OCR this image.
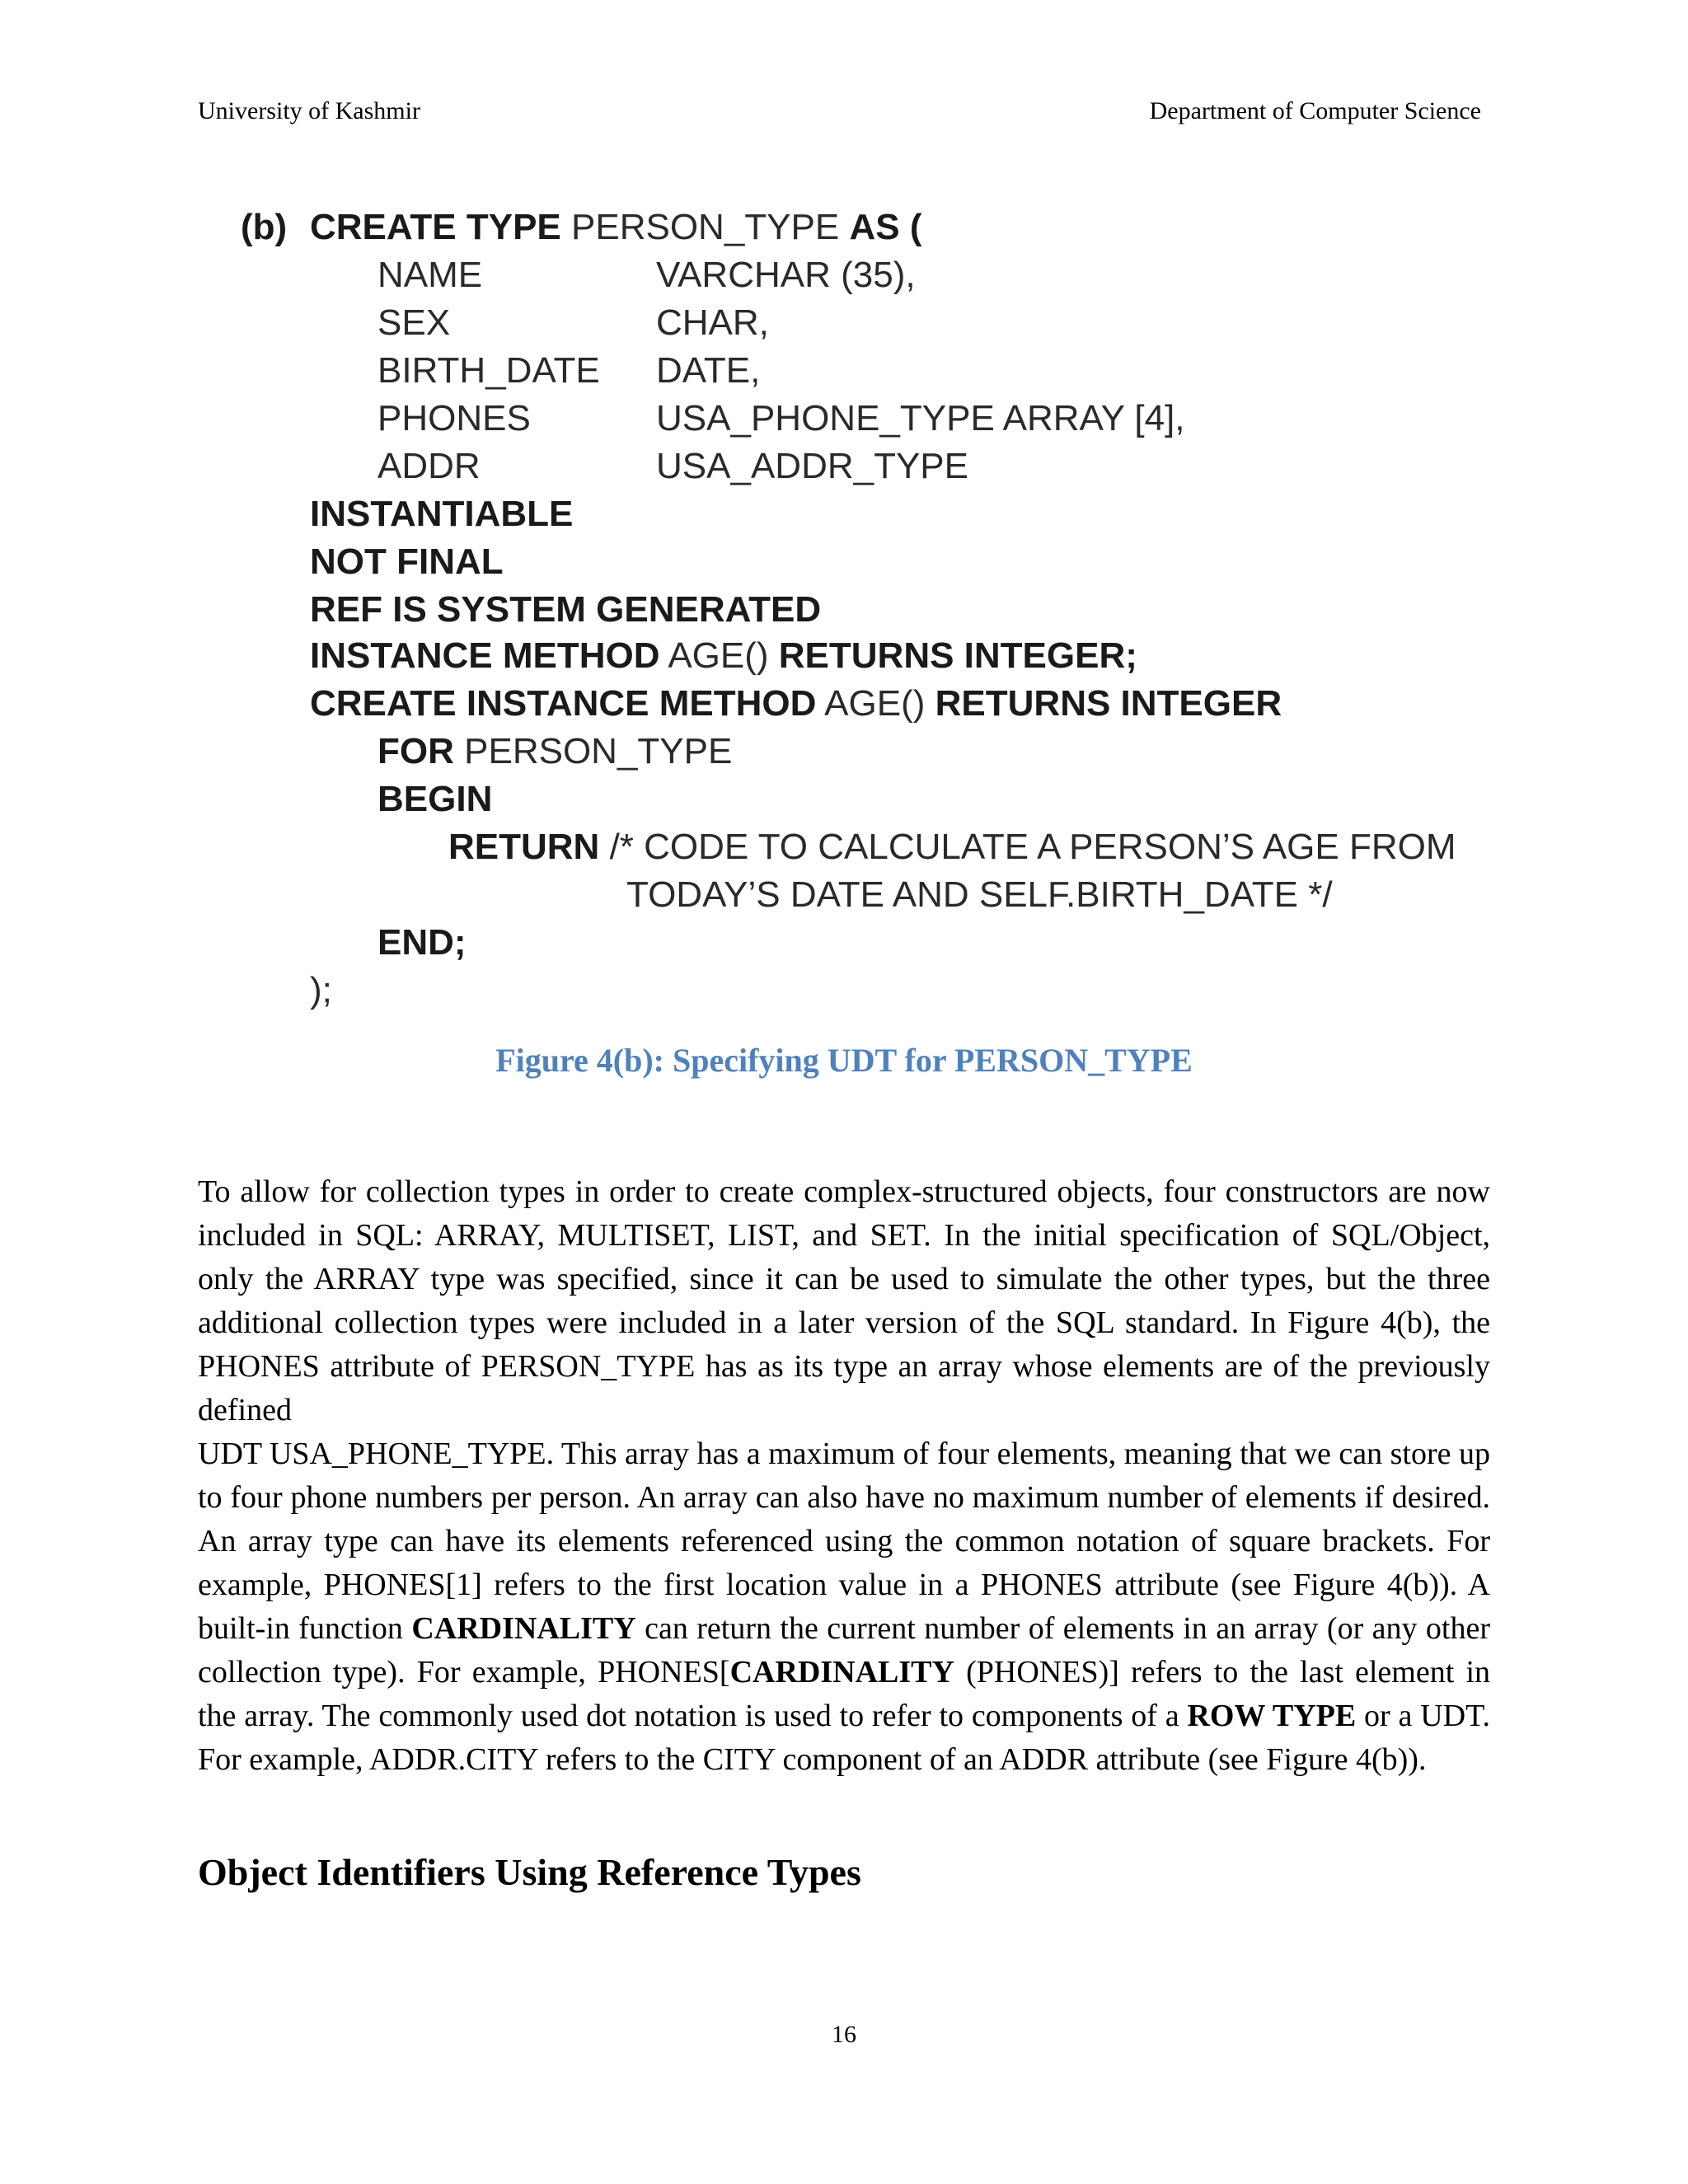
University of Kashmir	Department of Computer Science
(b) CREATE TYPE PERSON_TYPE AS (
NAME	VARCHAR (35),
SEX	CHAR,
BIRTH_DATE DATE,
PHONES	USA_PHONE_TYPE ARRAY [4],
ADDR	USA_ADDR_TYPE
INSTANTIABLE
NOT FINAL
REF IS SYSTEM GENERATED
INSTANCE METHOD AGE() RETURNS INTEGER;
CREATE INSTANCE METHOD AGE() RETURNS INTEGER
FOR PERSON_TYPE
BEGIN
RETURN /* CODE TO CALCULATE A PERSON’S AGE FROM
TODAY’S DATE AND SELF.BIRTH_DATE */
END;
);
Figure 4(b): Specifying UDT for PERSON_TYPE

To allow for collection types in order to create complex-structured objects, four constructors are now included in SQL: ARRAY, MULTISET, LIST, and SET. In the initial specification of SQL/Object, only the ARRAY type was specified, since it can be used to simulate the other types, but the three additional collection types were included in a later version of the SQL standard. In Figure 4(b), the PHONES attribute of PERSON_TYPE has as its type an array whose elements are of the previously defined

UDT USA_PHONE_TYPE. This array has a maximum of four elements, meaning that we can store up to four phone numbers per person. An array can also have no maximum number of elements if desired. An array type can have its elements referenced using the common notation of square brackets. For example, PHONES[1] refers to the first location value in a PHONES attribute (see Figure 4(b)). A built-in function CARDINALITY can return the current number of elements in an array (or any other collection type). For example, PHONES[CARDINALITY (PHONES)] refers to the last element in the array. The commonly used dot notation is used to refer to components of a ROW TYPE or a UDT. For example, ADDR.CITY refers to the CITY component of an ADDR attribute (see Figure 4(b)).

Object Identifiers Using Reference Types
16
